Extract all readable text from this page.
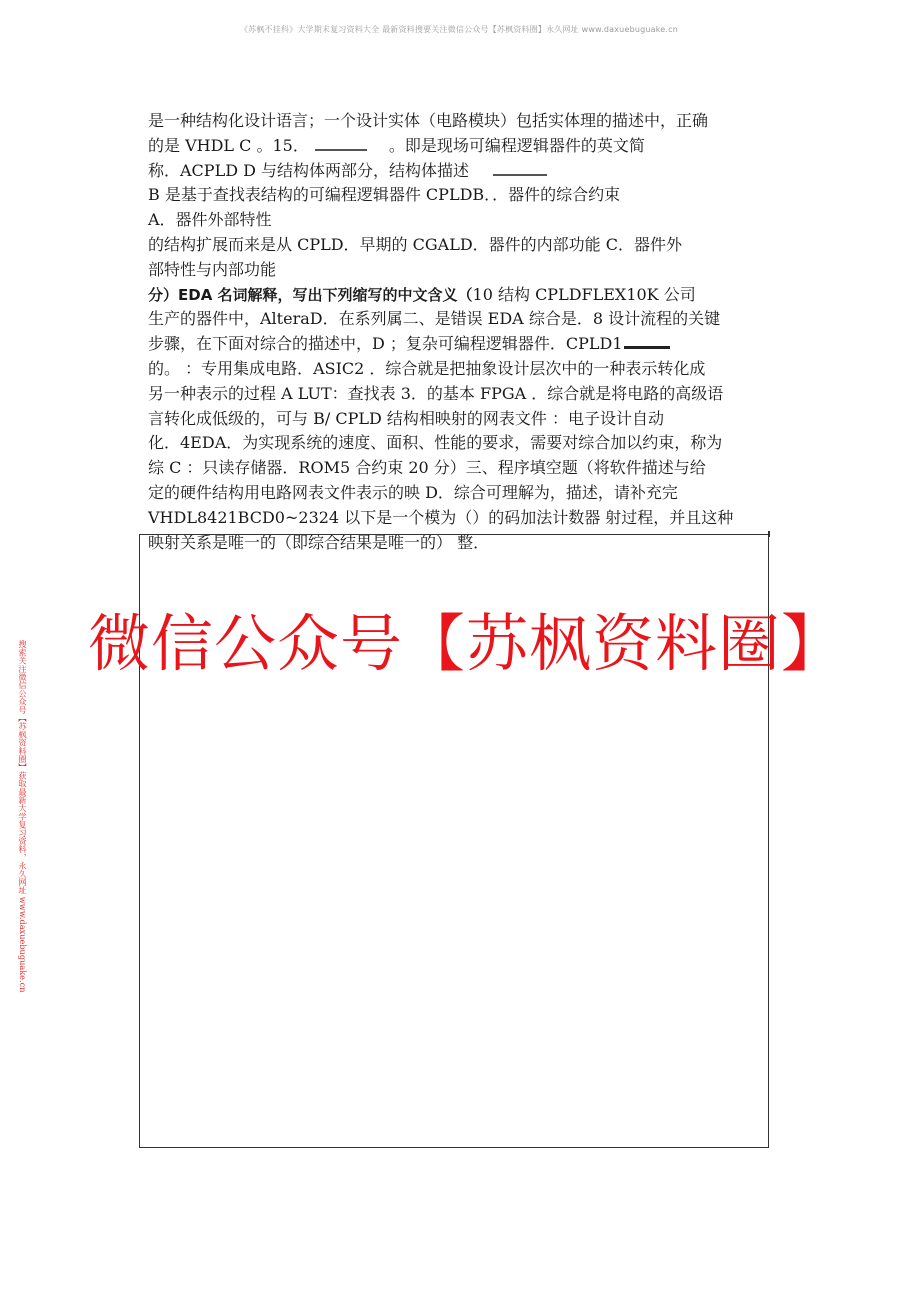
《苏枫不挂科》大学期末复习资料大全 最新资料搜要关注微信公众号【苏枫资料圈】永久网址 www.daxuebuguake.cn
搜索关注微信公众号【苏枫资料圈】获取最新大学复习资料，永久网址 www.daxuebuguake.cn
是一种结构化设计语言；一个设计实体（电路模块）包括实体理的描述中，正确
的是 VHDL C 。15．	。即是现场可编程逻辑器件的英文简
称．ACPLD D 与结构体两部分，结构体描述
B 是基于查找表结构的可编程逻辑器件 CPLDB．．器件的综合约束
A．器件外部特性
的结构扩展而来是从 CPLD．早期的 CGALD．器件的内部功能 C．器件外
部特性与内部功能
分）EDA 名词解释，写出下列缩写的中文含义（10 结构 CPLDFLEX10K 公司
生产的器件中，AlteraD．在系列属二、是错误 EDA 综合是．8 设计流程的关键
步骤，在下面对综合的描述中，D ；复杂可编程逻辑器件．CPLD1
的。 ：专用集成电路．ASIC2 ．综合就是把抽象设计层次中的一种表示转化成
另一种表示的过程 A LUT：查找表 3．的基本 FPGA ．综合就是将电路的高级语
言转化成低级的，可与 B/ CPLD 结构相映射的网表文件 ：电子设计自动
化．4EDA．为实现系统的速度、面积、性能的要求，需要对综合加以约束，称为
综 C ：只读存储器．ROM5 合约束 20 分）三、程序填空题（将软件描述与给
定的硬件结构用电路网表文件表示的映 D．综合可理解为，描述，请补充完
VHDL8421BCD0~2324 以下是一个模为（）的码加法计数器 射过程，并且这种
映射关系是唯一的（即综合结果是唯一的） 整．
微信公众号【苏枫资料圈】
